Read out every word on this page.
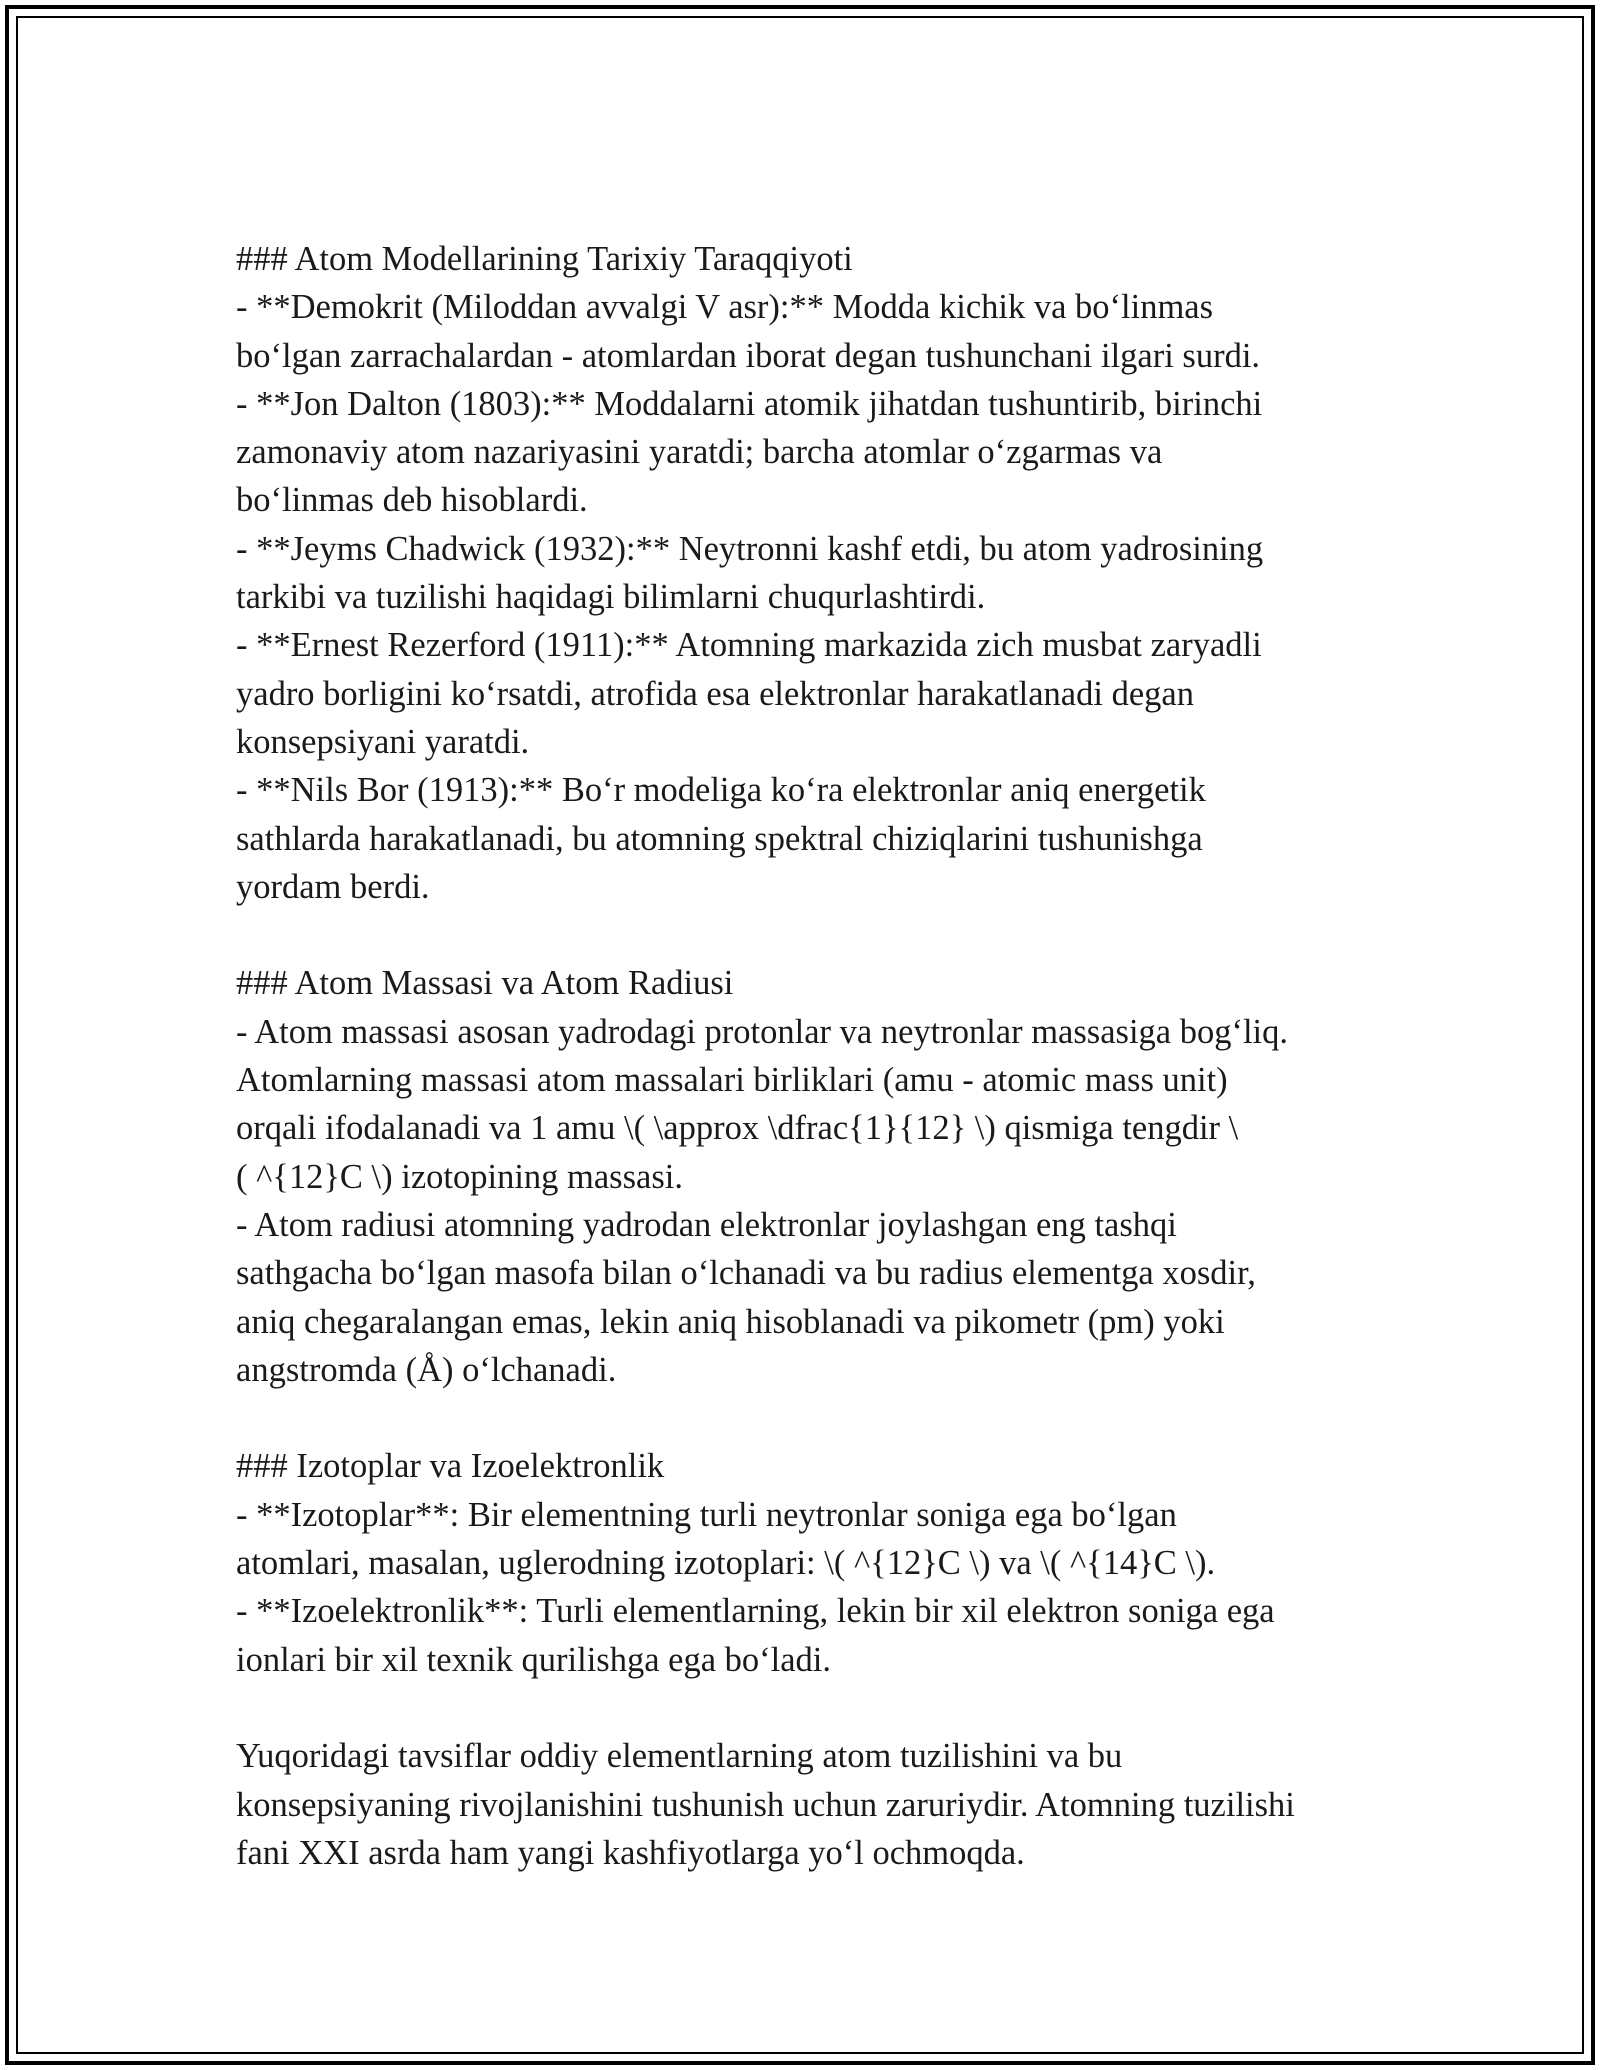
### Atom Modellarining Tarixiy Taraqqiyoti

- **Demokrit (Miloddan avvalgi V asr):** Modda kichik va bo‘linmas

bo‘lgan zarrachalardan - atomlardan iborat degan tushunchani ilgari surdi.

- **Jon Dalton (1803):** Moddalarni atomik jihatdan tushuntirib, birinchi

zamonaviy atom nazariyasini yaratdi; barcha atomlar o‘zgarmas va

bo‘linmas deb hisoblardi.

- **Jeyms Chadwick (1932):** Neytronni kashf etdi, bu atom yadrosining

tarkibi va tuzilishi haqidagi bilimlarni chuqurlashtirdi.

- **Ernest Rezerford (1911):** Atomning markazida zich musbat zaryadli

yadro borligini ko‘rsatdi, atrofida esa elektronlar harakatlanadi degan

konsepsiyani yaratdi.

- **Nils Bor (1913):** Bo‘r modeliga ko‘ra elektronlar aniq energetik

sathlarda harakatlanadi, bu atomning spektral chiziqlarini tushunishga

yordam berdi.

### Atom Massasi va Atom Radiusi

- Atom massasi asosan yadrodagi protonlar va neytronlar massasiga bog‘liq.

Atomlarning massasi atom massalari birliklari (amu - atomic mass unit)

orqali ifodalanadi va 1 amu \( \approx \dfrac{1}{12} \) qismiga tengdir \

( ^{12}C \) izotopining massasi.

- Atom radiusi atomning yadrodan elektronlar joylashgan eng tashqi

sathgacha bo‘lgan masofa bilan o‘lchanadi va bu radius elementga xosdir,

aniq chegaralangan emas, lekin aniq hisoblanadi va pikometr (pm) yoki

angstromda (Å) o‘lchanadi.

### Izotoplar va Izoelektronlik

- **Izotoplar**: Bir elementning turli neytronlar soniga ega bo‘lgan

atomlari, masalan, uglerodning izotoplari: \( ^{12}C \) va \( ^{14}C \).

- **Izoelektronlik**: Turli elementlarning, lekin bir xil elektron soniga ega

ionlari bir xil texnik qurilishga ega bo‘ladi.

Yuqoridagi tavsiflar oddiy elementlarning atom tuzilishini va bu

konsepsiyaning rivojlanishini tushunish uchun zaruriydir. Atomning tuzilishi

fani XXI asrda ham yangi kashfiyotlarga yo‘l ochmoqda.
